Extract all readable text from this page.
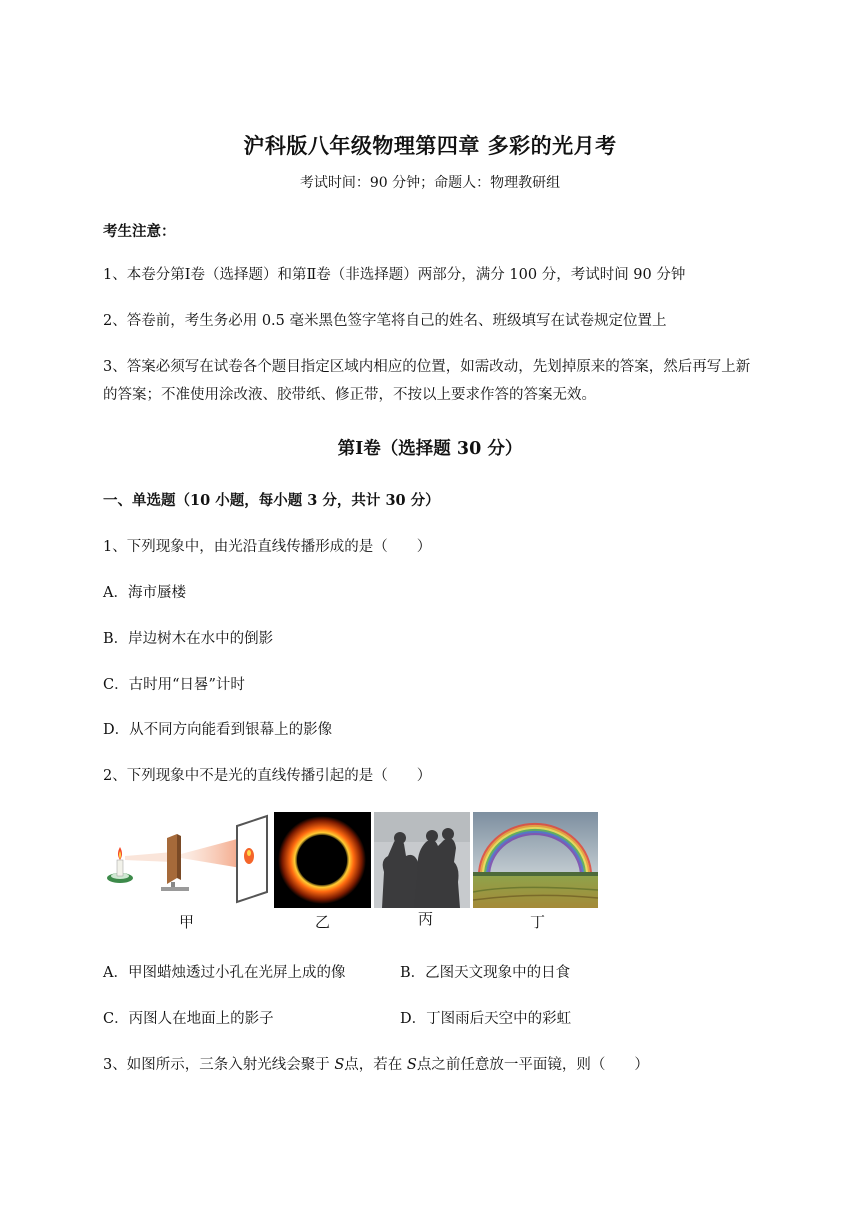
沪科版八年级物理第四章 多彩的光月考
考试时间：90 分钟；命题人：物理教研组
考生注意：
1、本卷分第Ⅰ卷（选择题）和第Ⅱ卷（非选择题）两部分，满分 100 分，考试时间 90 分钟
2、答卷前，考生务必用 0.5 毫米黑色签字笔将自己的姓名、班级填写在试卷规定位置上
3、答案必须写在试卷各个题目指定区域内相应的位置，如需改动，先划掉原来的答案，然后再写上新
的答案；不准使用涂改液、胶带纸、修正带，不按以上要求作答的答案无效。
第Ⅰ卷（选择题 30 分）
一、单选题（10 小题，每小题 3 分，共计 30 分）
1、下列现象中，由光沿直线传播形成的是（　　）
A．海市蜃楼
B．岸边树木在水中的倒影
C．古时用“日晷”计时
D．从不同方向能看到银幕上的影像
2、下列现象中不是光的直线传播引起的是（　　）
甲	乙	丙	丁
A．甲图蜡烛透过小孔在光屏上成的像	B．乙图天文现象中的日食
C．丙图人在地面上的影子	D．丁图雨后天空中的彩虹
3、如图所示，三条入射光线会聚于 S点，若在 S点之前任意放一平面镜，则（　　）
